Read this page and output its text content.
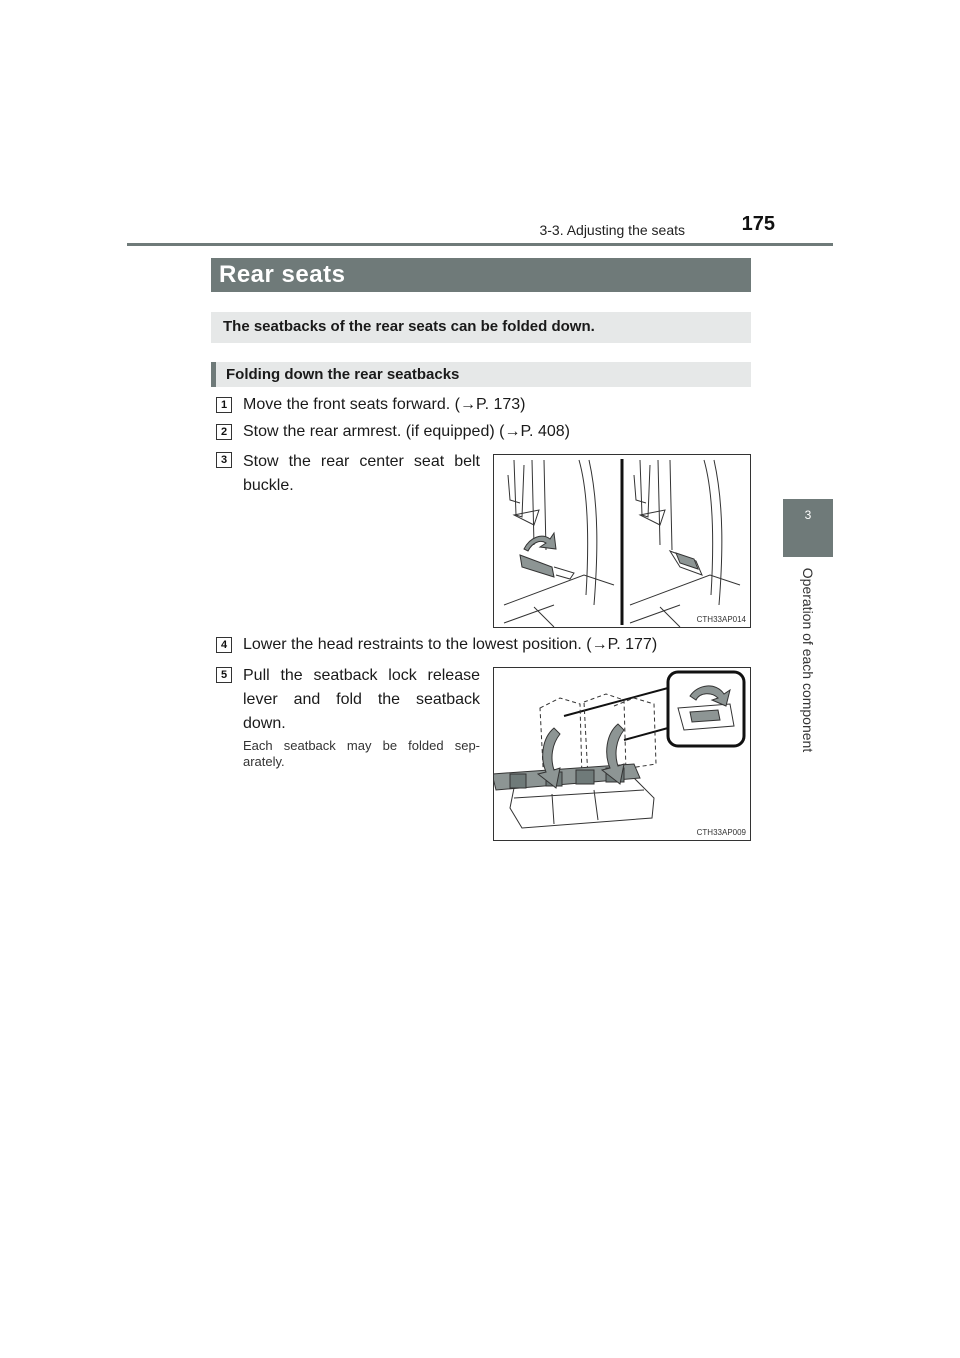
3-3. Adjusting the seats	175
3
Operation of each component
Rear seats
The seatbacks of the rear seats can be folded down.
Folding down the rear seatbacks
1 Move the front seats forward. (→P. 173)
2 Stow the rear armrest. (if equipped) (→P. 408)
3 Stow the rear center seat belt buckle.
CTH33AP014
4 Lower the head restraints to the lowest position. (→P. 177)
5 Pull the seatback lock release lever and fold the seatback down.
Each seatback may be folded sep-arately.
CTH33AP009
